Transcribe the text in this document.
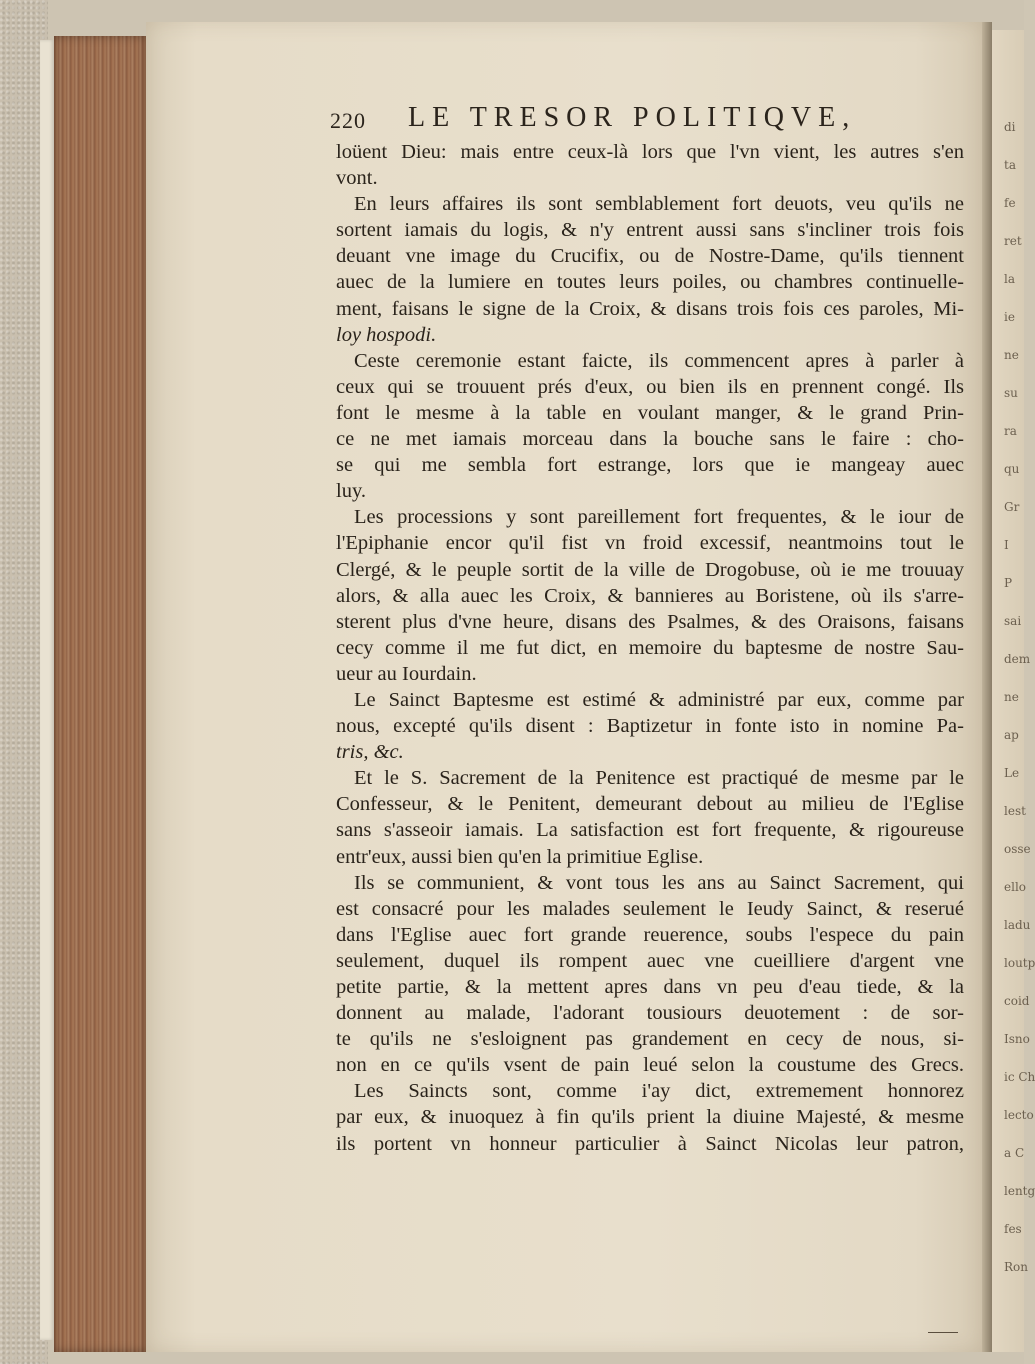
220 LE TRESOR POLITIQVE,
loüent Dieu: mais entre ceux-là lors que l'vn vient, les autres s'en
vont.
En leurs affaires ils sont semblablement fort deuots, veu qu'ils ne
sortent iamais du logis, & n'y entrent aussi sans s'incliner trois fois
deuant vne image du Crucifix, ou de Nostre-Dame, qu'ils tiennent
auec de la lumiere en toutes leurs poiles, ou chambres continuelle-
ment, faisans le signe de la Croix, & disans trois fois ces paroles, Mi-
loy hospodi.
Ceste ceremonie estant faicte, ils commencent apres à parler à
ceux qui se trouuent prés d'eux, ou bien ils en prennent congé. Ils
font le mesme à la table en voulant manger, & le grand Prin-
ce ne met iamais morceau dans la bouche sans le faire : cho-
se qui me sembla fort estrange, lors que ie mangeay auec
luy.
Les processions y sont pareillement fort frequentes, & le iour de
l'Epiphanie encor qu'il fist vn froid excessif, neantmoins tout le
Clergé, & le peuple sortit de la ville de Drogobuse, où ie me trouuay
alors, & alla auec les Croix, & bannieres au Boristene, où ils s'arre-
sterent plus d'vne heure, disans des Psalmes, & des Oraisons, faisans
cecy comme il me fut dict, en memoire du baptesme de nostre Sau-
ueur au Iourdain.
Le Sainct Baptesme est estimé & administré par eux, comme par
nous, excepté qu'ils disent : Baptizetur in fonte isto in nomine Pa-
tris, &c.
Et le S. Sacrement de la Penitence est practiqué de mesme par le
Confesseur, & le Penitent, demeurant debout au milieu de l'Eglise
sans s'asseoir iamais. La satisfaction est fort frequente, & rigoureuse
entr'eux, aussi bien qu'en la primitiue Eglise.
Ils se communient, & vont tous les ans au Sainct Sacrement, qui
est consacré pour les malades seulement le Ieudy Sainct, & reserué
dans l'Eglise auec fort grande reuerence, soubs l'espece du pain
seulement, duquel ils rompent auec vne cueilliere d'argent vne
petite partie, & la mettent apres dans vn peu d'eau tiede, & la
donnent au malade, l'adorant tousiours deuotement : de sor-
te qu'ils ne s'esloignent pas grandement en cecy de nous, si-
non en ce qu'ils vsent de pain leué selon la coustume des Grecs.
Les Saincts sont, comme i'ay dict, extremement honnorez
par eux, & inuoquez à fin qu'ils prient la diuine Majesté, & mesme
ils portent vn honneur particulier à Sainct Nicolas leur patron,
di
ta
fe
ret
la
ie
ne
su
ra
qu
Gr
I
P
sai
dem
ne
ap
Le
lest
osse
ello
ladu
loutp
coid
Isno
ic Ch
lecto
a C
lentg
fes
Ron
